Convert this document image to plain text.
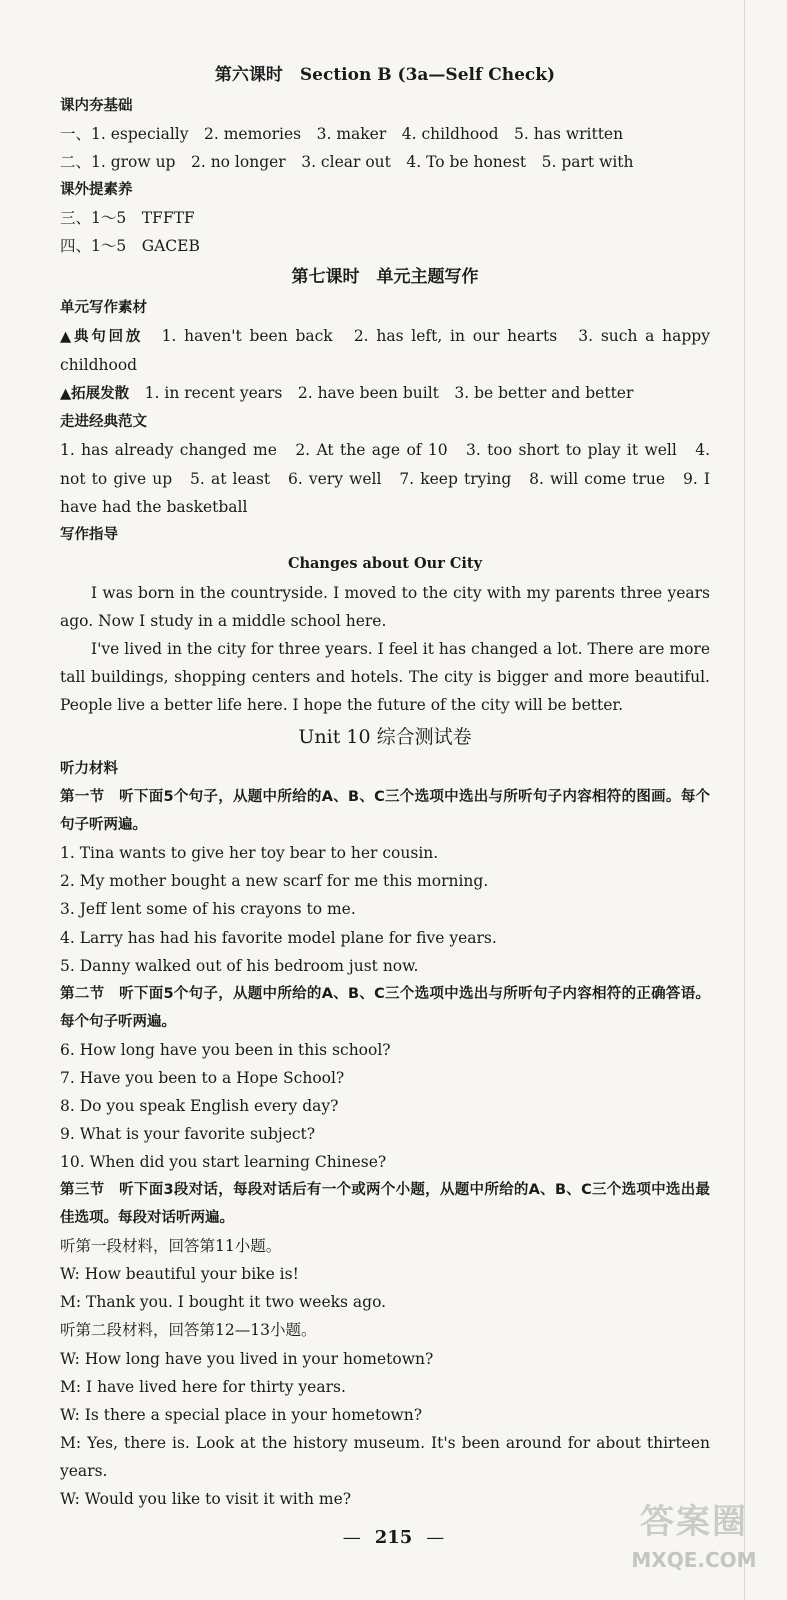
第六课时　Section B (3a—Self Check)
课内夯基础
一、1. especially　2. memories　3. maker　4. childhood　5. has written
二、1. grow up　2. no longer　3. clear out　4. To be honest　5. part with
课外提素养
三、1～5　TFFTF
四、1～5　GACEB
第七课时　单元主题写作
单元写作素材
▲典句回放　 1. haven't been back　2. has left, in our hearts　3. such a happy childhood
▲拓展发散　 1. in recent years　2. have been built　3. be better and better
走进经典范文
1. has already changed me　2. At the age of 10　3. too short to play it well　4. not to give up　5. at least　6. very well　7. keep trying　8. will come true　9. I have had the basketball
写作指导
Changes about Our City
I was born in the countryside. I moved to the city with my parents three years ago. Now I study in a middle school here.
I've lived in the city for three years. I feel it has changed a lot. There are more tall buildings, shopping centers and hotels. The city is bigger and more beautiful. People live a better life here. I hope the future of the city will be better.
Unit 10 综合测试卷
听力材料
第一节　听下面5个句子，从题中所给的A、B、C三个选项中选出与所听句子内容相符的图画。每个句子听两遍。
1. Tina wants to give her toy bear to her cousin.
2. My mother bought a new scarf for me this morning.
3. Jeff lent some of his crayons to me.
4. Larry has had his favorite model plane for five years.
5. Danny walked out of his bedroom just now.
第二节　听下面5个句子，从题中所给的A、B、C三个选项中选出与所听句子内容相符的正确答语。每个句子听两遍。
6. How long have you been in this school?
7. Have you been to a Hope School?
8. Do you speak English every day?
9. What is your favorite subject?
10. When did you start learning Chinese?
第三节　听下面3段对话，每段对话后有一个或两个小题，从题中所给的A、B、C三个选项中选出最佳选项。每段对话听两遍。
听第一段材料，回答第11小题。
W: How beautiful your bike is!
M: Thank you. I bought it two weeks ago.
听第二段材料，回答第12—13小题。
W: How long have you lived in your hometown?
M: I have lived here for thirty years.
W: Is there a special place in your hometown?
M: Yes, there is. Look at the history museum. It's been around for about thirteen years.
W: Would you like to visit it with me?
— 215 —	答案圈
MXQE.COM
